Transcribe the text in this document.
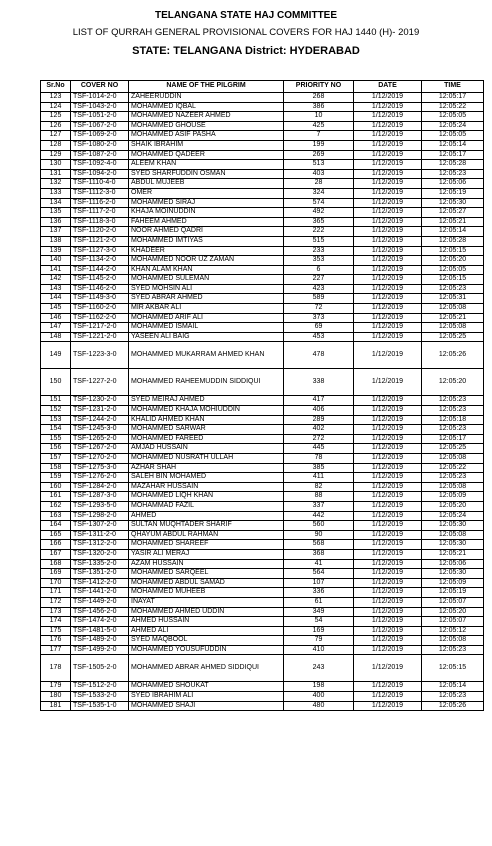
TELANGANA STATE HAJ COMMITTEE
LIST OF QURRAH GENERAL PROVISIONAL COVERS FOR HAJ 1440 (H)- 2019
STATE: TELANGANA District: HYDERABAD
Sr.No	COVER NO	NAME OF THE PILGRIM	PRIORITY NO	DATE	TIME
123	TSF-1014-2-0	ZAHEERUDDIN	268	1/12/2019	12:05:17
124	TSF-1043-2-0	MOHAMMED IQBAL	386	1/12/2019	12:05:22
125	TSF-1051-2-0	MOHAMMED NAZEER AHMED	10	1/12/2019	12:05:05
126	TSF-1067-2-0	MOHAMMED GHOUSE	425	1/12/2019	12:05:24
127	TSF-1069-2-0	MOHAMMED ASIF PASHA	7	1/12/2019	12:05:05
128	TSF-1080-2-0	SHAIK IBRAHIM	199	1/12/2019	12:05:14
129	TSF-1087-2-0	MOHAMMED QADEER	269	1/12/2019	12:05:17
130	TSF-1092-4-0	ALEEM KHAN	513	1/12/2019	12:05:28
131	TSF-1094-2-0	SYED SHARFUDDIN OSMAN	403	1/12/2019	12:05:23
132	TSF-1110-4-0	ABDUL MUJEEB	28	1/12/2019	12:05:06
133	TSF-1112-3-0	OMER	324	1/12/2019	12:05:19
134	TSF-1116-2-0	MOHAMMED SIRAJ	574	1/12/2019	12:05:30
135	TSF-1117-2-0	KHAJA MOINUDDIN	492	1/12/2019	12:05:27
136	TSF-1118-3-0	FAHEEM AHMED	365	1/12/2019	12:05:21
137	TSF-1120-2-0	NOOR AHMED QADRI	222	1/12/2019	12:05:14
138	TSF-1121-2-0	MOHAMMED IMTIYAS	515	1/12/2019	12:05:28
139	TSF-1127-3-0	KHADEER	233	1/12/2019	12:05:15
140	TSF-1134-2-0	MOHAMMED NOOR UZ ZAMAN	353	1/12/2019	12:05:20
141	TSF-1144-2-0	KHAN ALAM KHAN	6	1/12/2019	12:05:05
142	TSF-1145-2-0	MOHAMMED SULEMAN	227	1/12/2019	12:05:15
143	TSF-1146-2-0	SYED MOHSIN ALI	423	1/12/2019	12:05:23
144	TSF-1149-3-0	SYED ABRAR AHMED	589	1/12/2019	12:05:31
145	TSF-1160-2-0	MIR AKBAR ALI	72	1/12/2019	12:05:08
146	TSF-1162-2-0	MOHAMMED ARIF ALI	373	1/12/2019	12:05:21
147	TSF-1217-2-0	MOHAMMED ISMAIL	69	1/12/2019	12:05:08
148	TSF-1221-2-0	YASEEN ALI BAIG	453	1/12/2019	12:05:25
149	TSF-1223-3-0	MOHAMMED MUKARRAM AHMED KHAN	478	1/12/2019	12:05:26
150	TSF-1227-2-0	MOHAMMED RAHEEMUDDIN SIDDIQUI	338	1/12/2019	12:05:20
151	TSF-1230-2-0	SYED MEIRAJ AHMED	417	1/12/2019	12:05:23
152	TSF-1231-2-0	MOHAMMED KHAJA MOHIUDDIN	406	1/12/2019	12:05:23
153	TSF-1244-2-0	KHALID AHMED KHAN	289	1/12/2019	12:05:18
154	TSF-1245-3-0	MOHAMMED SARWAR	402	1/12/2019	12:05:23
155	TSF-1265-2-0	MOHAMMED FAREED	272	1/12/2019	12:05:17
156	TSF-1267-2-0	AMJAD HUSSAIN	445	1/12/2019	12:05:25
157	TSF-1270-2-0	MOHAMMED NUSRATH ULLAH	78	1/12/2019	12:05:08
158	TSF-1275-3-0	AZHAR SHAH	385	1/12/2019	12:05:22
159	TSF-1276-2-0	SALEH BIN MOHAMED	411	1/12/2019	12:05:23
160	TSF-1284-2-0	MAZAHAR HUSSAIN	82	1/12/2019	12:05:08
161	TSF-1287-3-0	MOHAMMED LIQH KHAN	88	1/12/2019	12:05:09
162	TSF-1293-5-0	MOHAMMAD FAZIL	337	1/12/2019	12:05:20
163	TSF-1298-2-0	AHMED	442	1/12/2019	12:05:24
164	TSF-1307-2-0	SULTAN MUQHTADER SHARIF	560	1/12/2019	12:05:30
165	TSF-1311-2-0	QHAYUM ABDUL RAHMAN	90	1/12/2019	12:05:08
166	TSF-1312-2-0	MOHAMMED SHAREEF	568	1/12/2019	12:05:30
167	TSF-1320-2-0	YASIR ALI MERAJ	368	1/12/2019	12:05:21
168	TSF-1335-2-0	AZAM HUSSAIN	41	1/12/2019	12:05:06
169	TSF-1351-2-0	MOHAMMED SARQEEL	564	1/12/2019	12:05:30
170	TSF-1412-2-0	MOHAMMED ABDUL SAMAD	107	1/12/2019	12:05:09
171	TSF-1441-2-0	MOHAMMED MUHEEB	336	1/12/2019	12:05:19
172	TSF-1449-2-0	INAYAT	61	1/12/2019	12:05:07
173	TSF-1456-2-0	MOHAMMED AHMED UDDIN	349	1/12/2019	12:05:20
174	TSF-1474-2-0	AHMED HUSSAIN	54	1/12/2019	12:05:07
175	TSF-1481-5-0	AHMED ALI	169	1/12/2019	12:05:12
176	TSF-1489-2-0	SYED MAQBOOL	79	1/12/2019	12:05:08
177	TSF-1499-2-0	MOHAMMED YOUSUFUDDIN	410	1/12/2019	12:05:23
178	TSF-1505-2-0	MOHAMMED ABRAR AHMED SIDDIQUI	243	1/12/2019	12:05:15
179	TSF-1512-2-0	MOHAMMED SHOUKAT	198	1/12/2019	12:05:14
180	TSF-1533-2-0	SYED IBRAHIM ALI	400	1/12/2019	12:05:23
181	TSF-1535-1-0	MOHAMMED SHAJI	480	1/12/2019	12:05:26
